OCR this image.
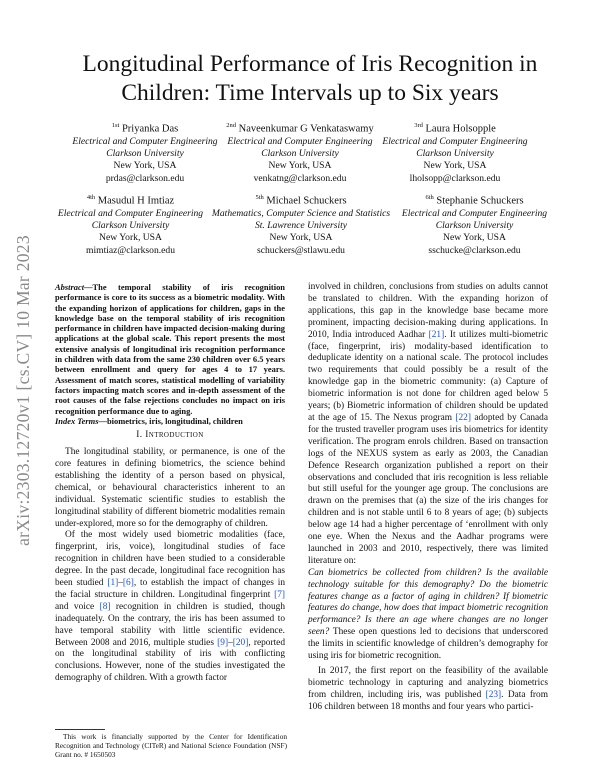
arXiv:2303.12720v1 [cs.CV] 10 Mar 2023
Longitudinal Performance of Iris Recognition in
Children: Time Intervals up to Six years
$^{1st}$ Priyanka Das
Electrical and Computer Engineering
Clarkson University
New York, USA
prdas@clarkson.edu
$^{2nd}$ Naveenkumar G Venkataswamy
Electrical and Computer Engineering
Clarkson University
New York, USA
venkatng@clarkson.edu
$^{3rd}$ Laura Holsopple
Electrical and Computer Engineering
Clarkson University
New York, USA
lholsopp@clarkson.edu
$^{4th}$ Masudul H Imtiaz
Electrical and Computer Engineering
Clarkson University
New York, USA
mimtiaz@clarkson.edu
$^{5th}$ Michael Schuckers
Mathematics, Computer Science and Statistics
St. Lawrence University
New York, USA
schuckers@stlawu.edu
$^{6th}$ Stephanie Schuckers
Electrical and Computer Engineering
Clarkson University
New York, USA
sschucke@clarkson.edu

Abstract—The temporal stability of iris recognition performance is core to its success as a biometric modality. With the expanding horizon of applications for children, gaps in the knowledge base on the temporal stability of iris recognition performance in children have impacted decision-making during applications at the global scale. This report presents the most extensive analysis of longitudinal iris recognition performance in children with data from the same 230 children over 6.5 years between enrollment and query for ages 4 to 17 years. Assessment of match scores, statistical modelling of variability factors impacting match scores and in-depth assessment of the root causes of the false rejections concludes no impact on iris recognition performance due to aging.

Index Terms—biometrics, iris, longitudinal, children

I. Introduction

The longitudinal stability, or permanence, is one of the core features in defining biometrics, the science behind establishing the identity of a person based on physical, chemical, or behavioural characteristics inherent to an individual. Systematic scientific studies to establish the longitudinal stability of different biometric modalities remain under-explored, more so for the demography of children.

Of the most widely used biometric modalities (face, fingerprint, iris, voice), longitudinal studies of face recognition in children have been studied to a considerable degree. In the past decade, longitudinal face recognition has been studied [1]–[6], to establish the impact of changes in the facial structure in children. Longitudinal fingerprint [7] and voice [8] recognition in children is studied, though inadequately. On the contrary, the iris has been assumed to have temporal stability with little scientific evidence. Between 2008 and 2016, multiple studies [9]–[20], reported on the longitudinal stability of iris with conflicting conclusions. However, none of the studies investigated the demography of children. With a growth factor

This work is financially supported by the Center for Identification Recognition and Technology (CITeR) and National Science Foundation (NSF) Grant no. # 1650503

involved in children, conclusions from studies on adults cannot be translated to children. With the expanding horizon of applications, this gap in the knowledge base became more prominent, impacting decision-making during applications. In 2010, India introduced Aadhar [21]. It utilizes multi-biometric (face, fingerprint, iris) modality-based identification to deduplicate identity on a national scale. The protocol includes two requirements that could possibly be a result of the knowledge gap in the biometric community: (a) Capture of biometric information is not done for children aged below 5 years; (b) Biometric information of children should be updated at the age of 15. The Nexus program [22] adopted by Canada for the trusted traveller program uses iris biometrics for identity verification. The program enrols children. Based on transaction logs of the NEXUS system as early as 2003, the Canadian Defence Research organization published a report on their observations and concluded that iris recognition is less reliable but still useful for the younger age group. The conclusions are drawn on the premises that (a) the size of the iris changes for children and is not stable until 6 to 8 years of age; (b) subjects below age 14 had a higher percentage of ‘enrollment with only one eye. When the Nexus and the Aadhar programs were launched in 2003 and 2010, respectively, there was limited literature on:

Can biometrics be collected from children? Is the available technology suitable for this demography? Do the biometric features change as a factor of aging in children? If biometric features do change, how does that impact biometric recognition performance? Is there an age where changes are no longer seen? These open questions led to decisions that underscored the limits in scientific knowledge of children’s demography for using iris for biometric recognition.

In 2017, the first report on the feasibility of the available biometric technology in capturing and analyzing biometrics from children, including iris, was published [23]. Data from 106 children between 18 months and four years who partici-
